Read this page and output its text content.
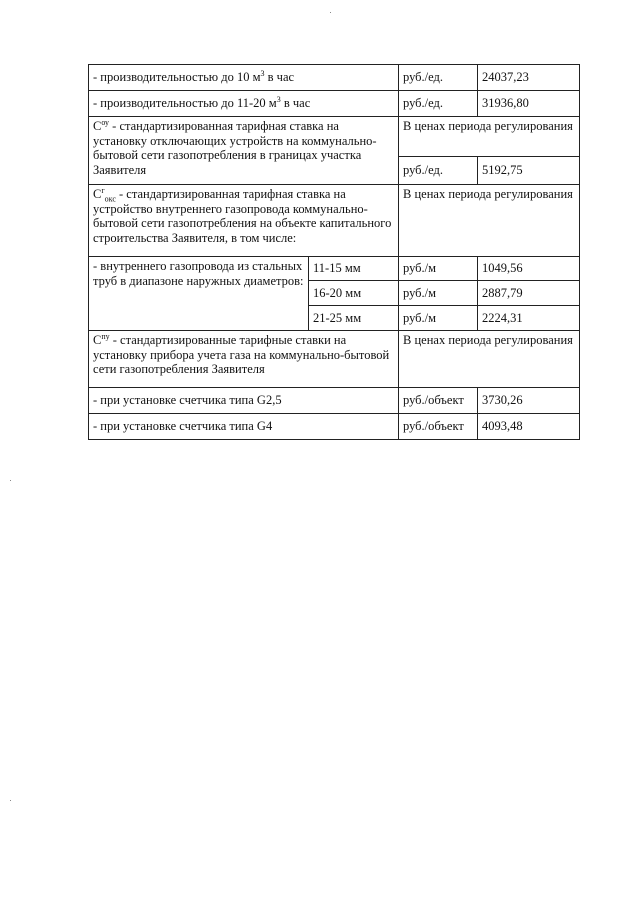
- производительностью до 10 $м^3$ в час		руб./ед.	24037,23
- производительностью до 11-20 $м^3$ в час		руб./ед.	31936,80
$С^{оу}$ - стандартизированная тарифная ставка на установку отключающих устройств на коммунально-бытовой сети газопотребления в границах участка Заявителя		В ценах периода регулирования	
		руб./ед.	5192,75
$С^г_{окс}$ - стандартизированная тарифная ставка на устройство внутреннего газопровода коммунально-бытовой сети газопотребления на объекте капитального строительства Заявителя, в том числе:		В ценах периода регулирования	
- внутреннего газопровода из стальных труб в диапазоне наружных диаметров:	11-15 мм	руб./м	1049,56
	16-20 мм	руб./м	2887,79
	21-25 мм	руб./м	2224,31
$С^{пу}$ - стандартизированные тарифные ставки на установку прибора учета газа на коммунально-бытовой сети газопотребления Заявителя		В ценах периода регулирования	
- при установке счетчика типа G2,5		руб./объект	3730,26
- при установке счетчика типа G4		руб./объект	4093,48
